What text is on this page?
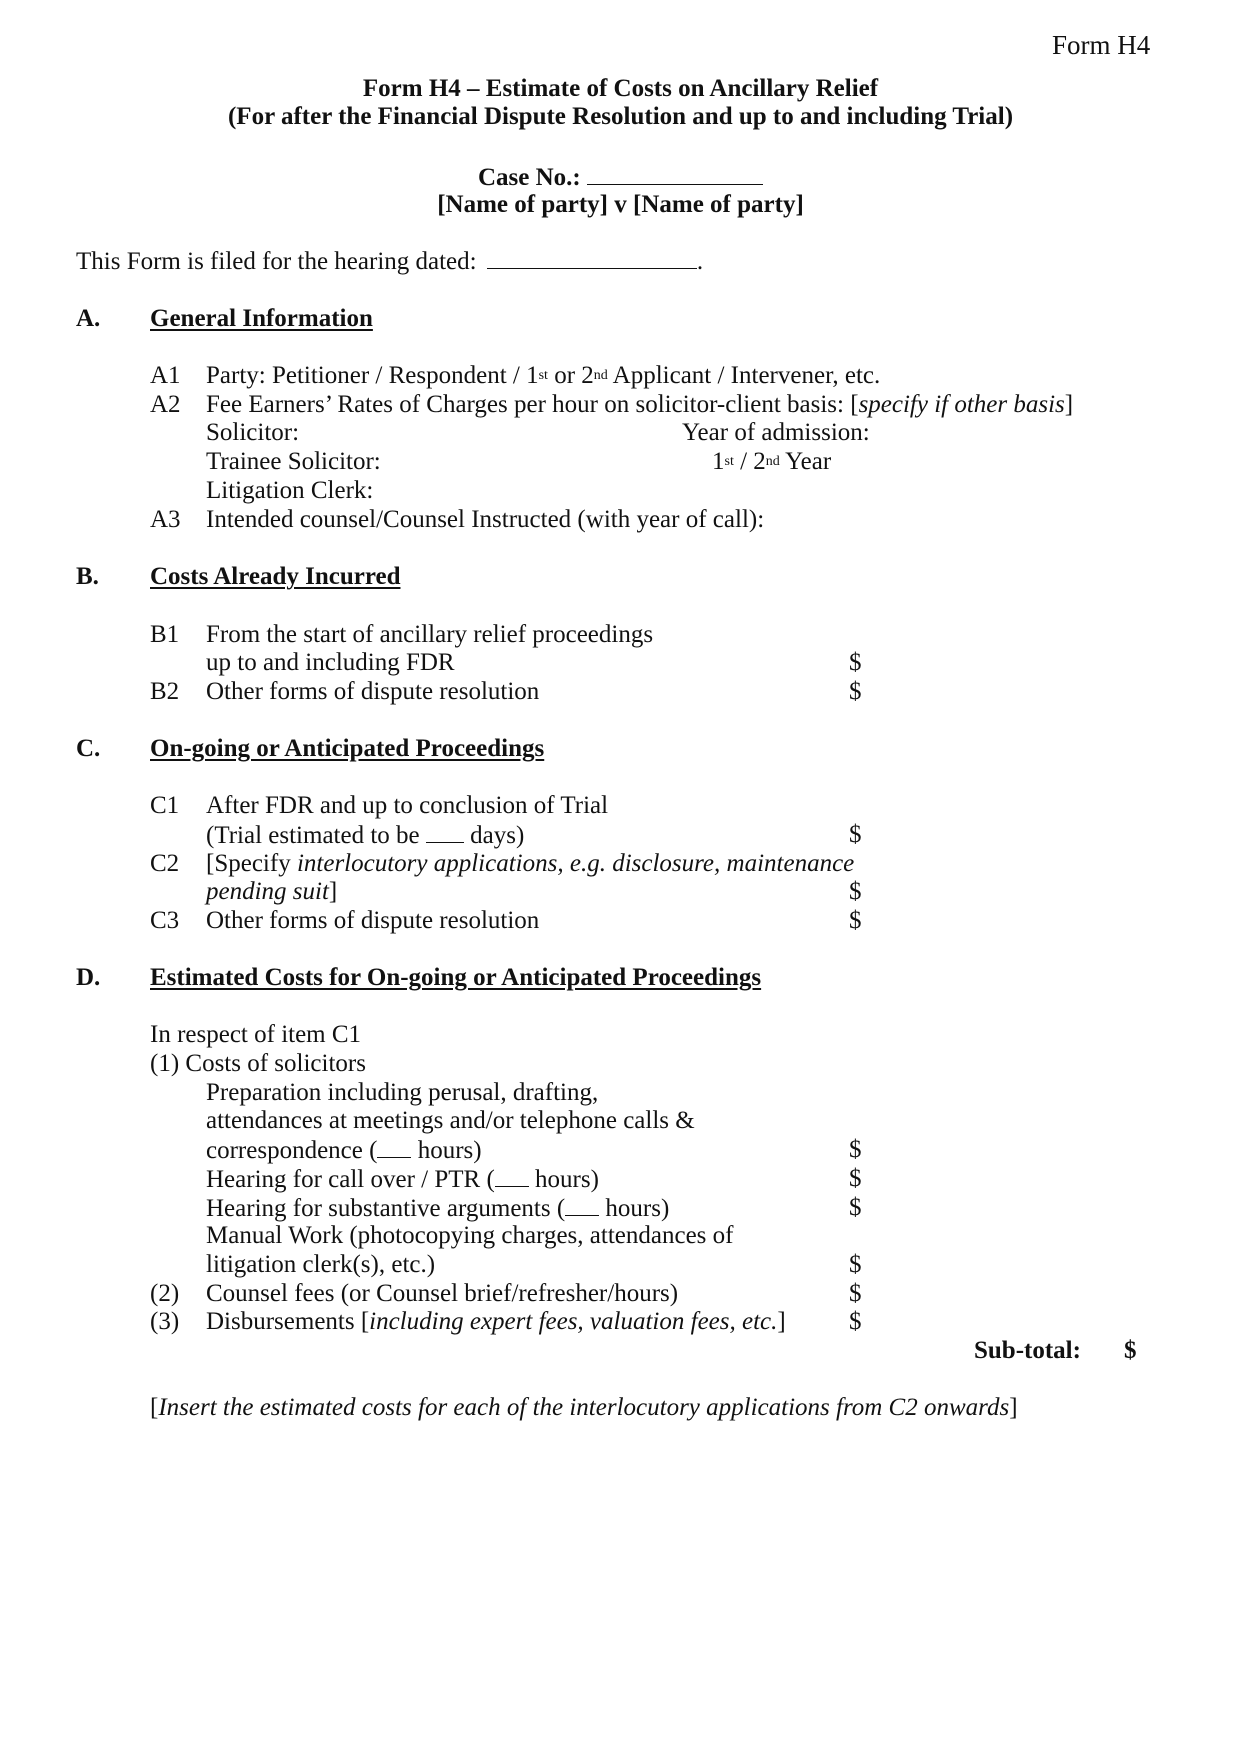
Form H4
Form H4 – Estimate of Costs on Ancillary Relief
(For after the Financial Dispute Resolution and up to and including Trial)
Case No.:
[Name of party] v [Name of party]
This Form is filed for the hearing dated:	.
A. General Information
A1 Party: Petitioner / Respondent / 1st or 2nd Applicant / Intervener, etc.
A2 Fee Earners’ Rates of Charges per hour on solicitor-client basis: [specify if other basis]
Solicitor:	Year of admission:
Trainee Solicitor:	1st / 2nd Year
Litigation Clerk:
A3 Intended counsel/Counsel Instructed (with year of call):
B. Costs Already Incurred
B1 From the start of ancillary relief proceedings
up to and including FDR	$
B2 Other forms of dispute resolution	$
C. On-going or Anticipated Proceedings
C1 After FDR and up to conclusion of Trial
(Trial estimated to be  days)	$
C2 [Specify interlocutory applications, e.g. disclosure, maintenance
pending suit]	$
C3 Other forms of dispute resolution	$
D. Estimated Costs for On-going or Anticipated Proceedings
In respect of item C1
(1) Costs of solicitors
Preparation including perusal, drafting,
attendances at meetings and/or telephone calls &
correspondence ( hours)	$
Hearing for call over / PTR ( hours)	$
Hearing for substantive arguments ( hours)	$
Manual Work (photocopying charges, attendances of
litigation clerk(s), etc.)	$
(2) Counsel fees (or Counsel brief/refresher/hours)	$
(3) Disbursements [including expert fees, valuation fees, etc.]	$
Sub-total: $
[Insert the estimated costs for each of the interlocutory applications from C2 onwards]
